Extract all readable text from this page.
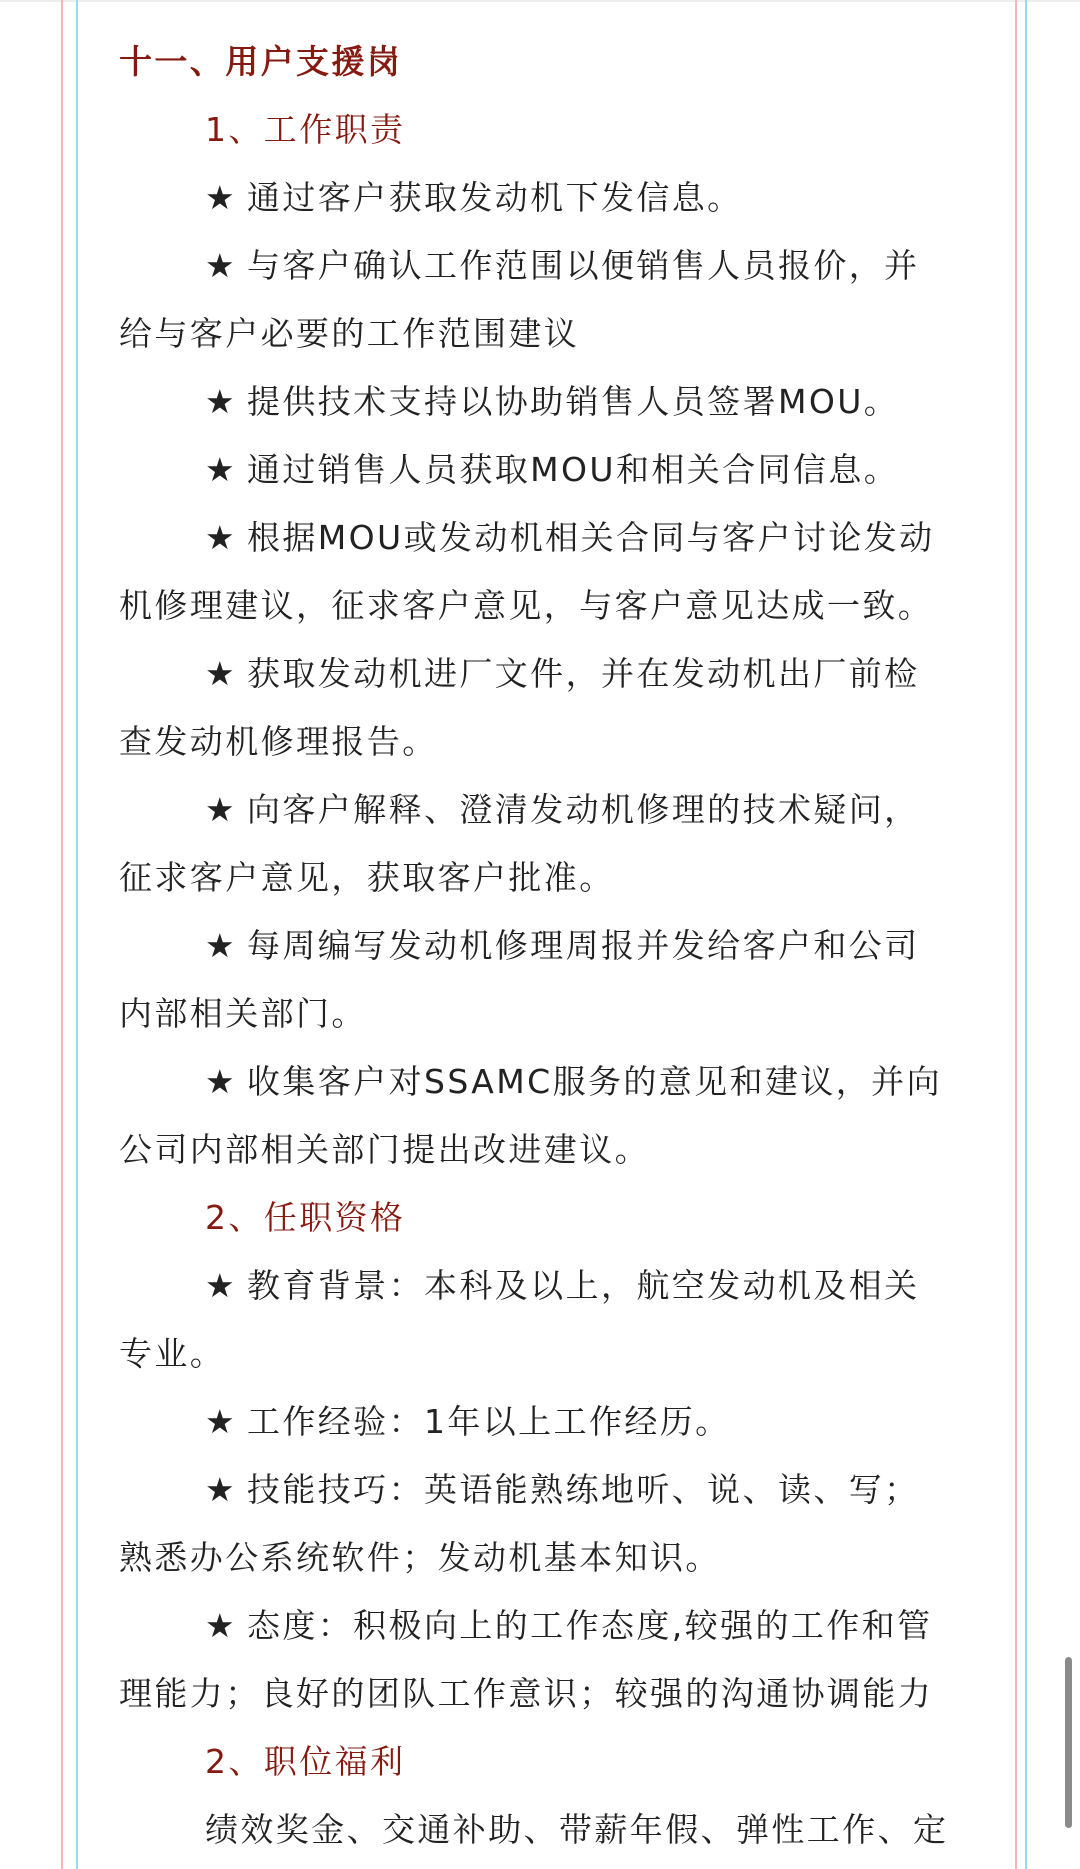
十一、用户支援岗
1、工作职责
★ 通过客户获取发动机下发信息。
★ 与客户确认工作范围以便销售人员报价，并
给与客户必要的工作范围建议
★ 提供技术支持以协助销售人员签署MOU。
★ 通过销售人员获取MOU和相关合同信息。
★ 根据MOU或发动机相关合同与客户讨论发动
机修理建议，征求客户意见，与客户意见达成一致。
★ 获取发动机进厂文件，并在发动机出厂前检
查发动机修理报告。
★ 向客户解释、澄清发动机修理的技术疑问，
征求客户意见，获取客户批准。
★ 每周编写发动机修理周报并发给客户和公司
内部相关部门。
★ 收集客户对SSAMC服务的意见和建议，并向
公司内部相关部门提出改进建议。
2、任职资格
★ 教育背景：本科及以上，航空发动机及相关
专业。
★ 工作经验：1年以上工作经历。
★ 技能技巧：英语能熟练地听、说、读、写；
熟悉办公系统软件；发动机基本知识。
★ 态度：积极向上的工作态度,较强的工作和管
理能力；良好的团队工作意识；较强的沟通协调能力
2、职位福利
绩效奖金、交通补助、带薪年假、弹性工作、定
